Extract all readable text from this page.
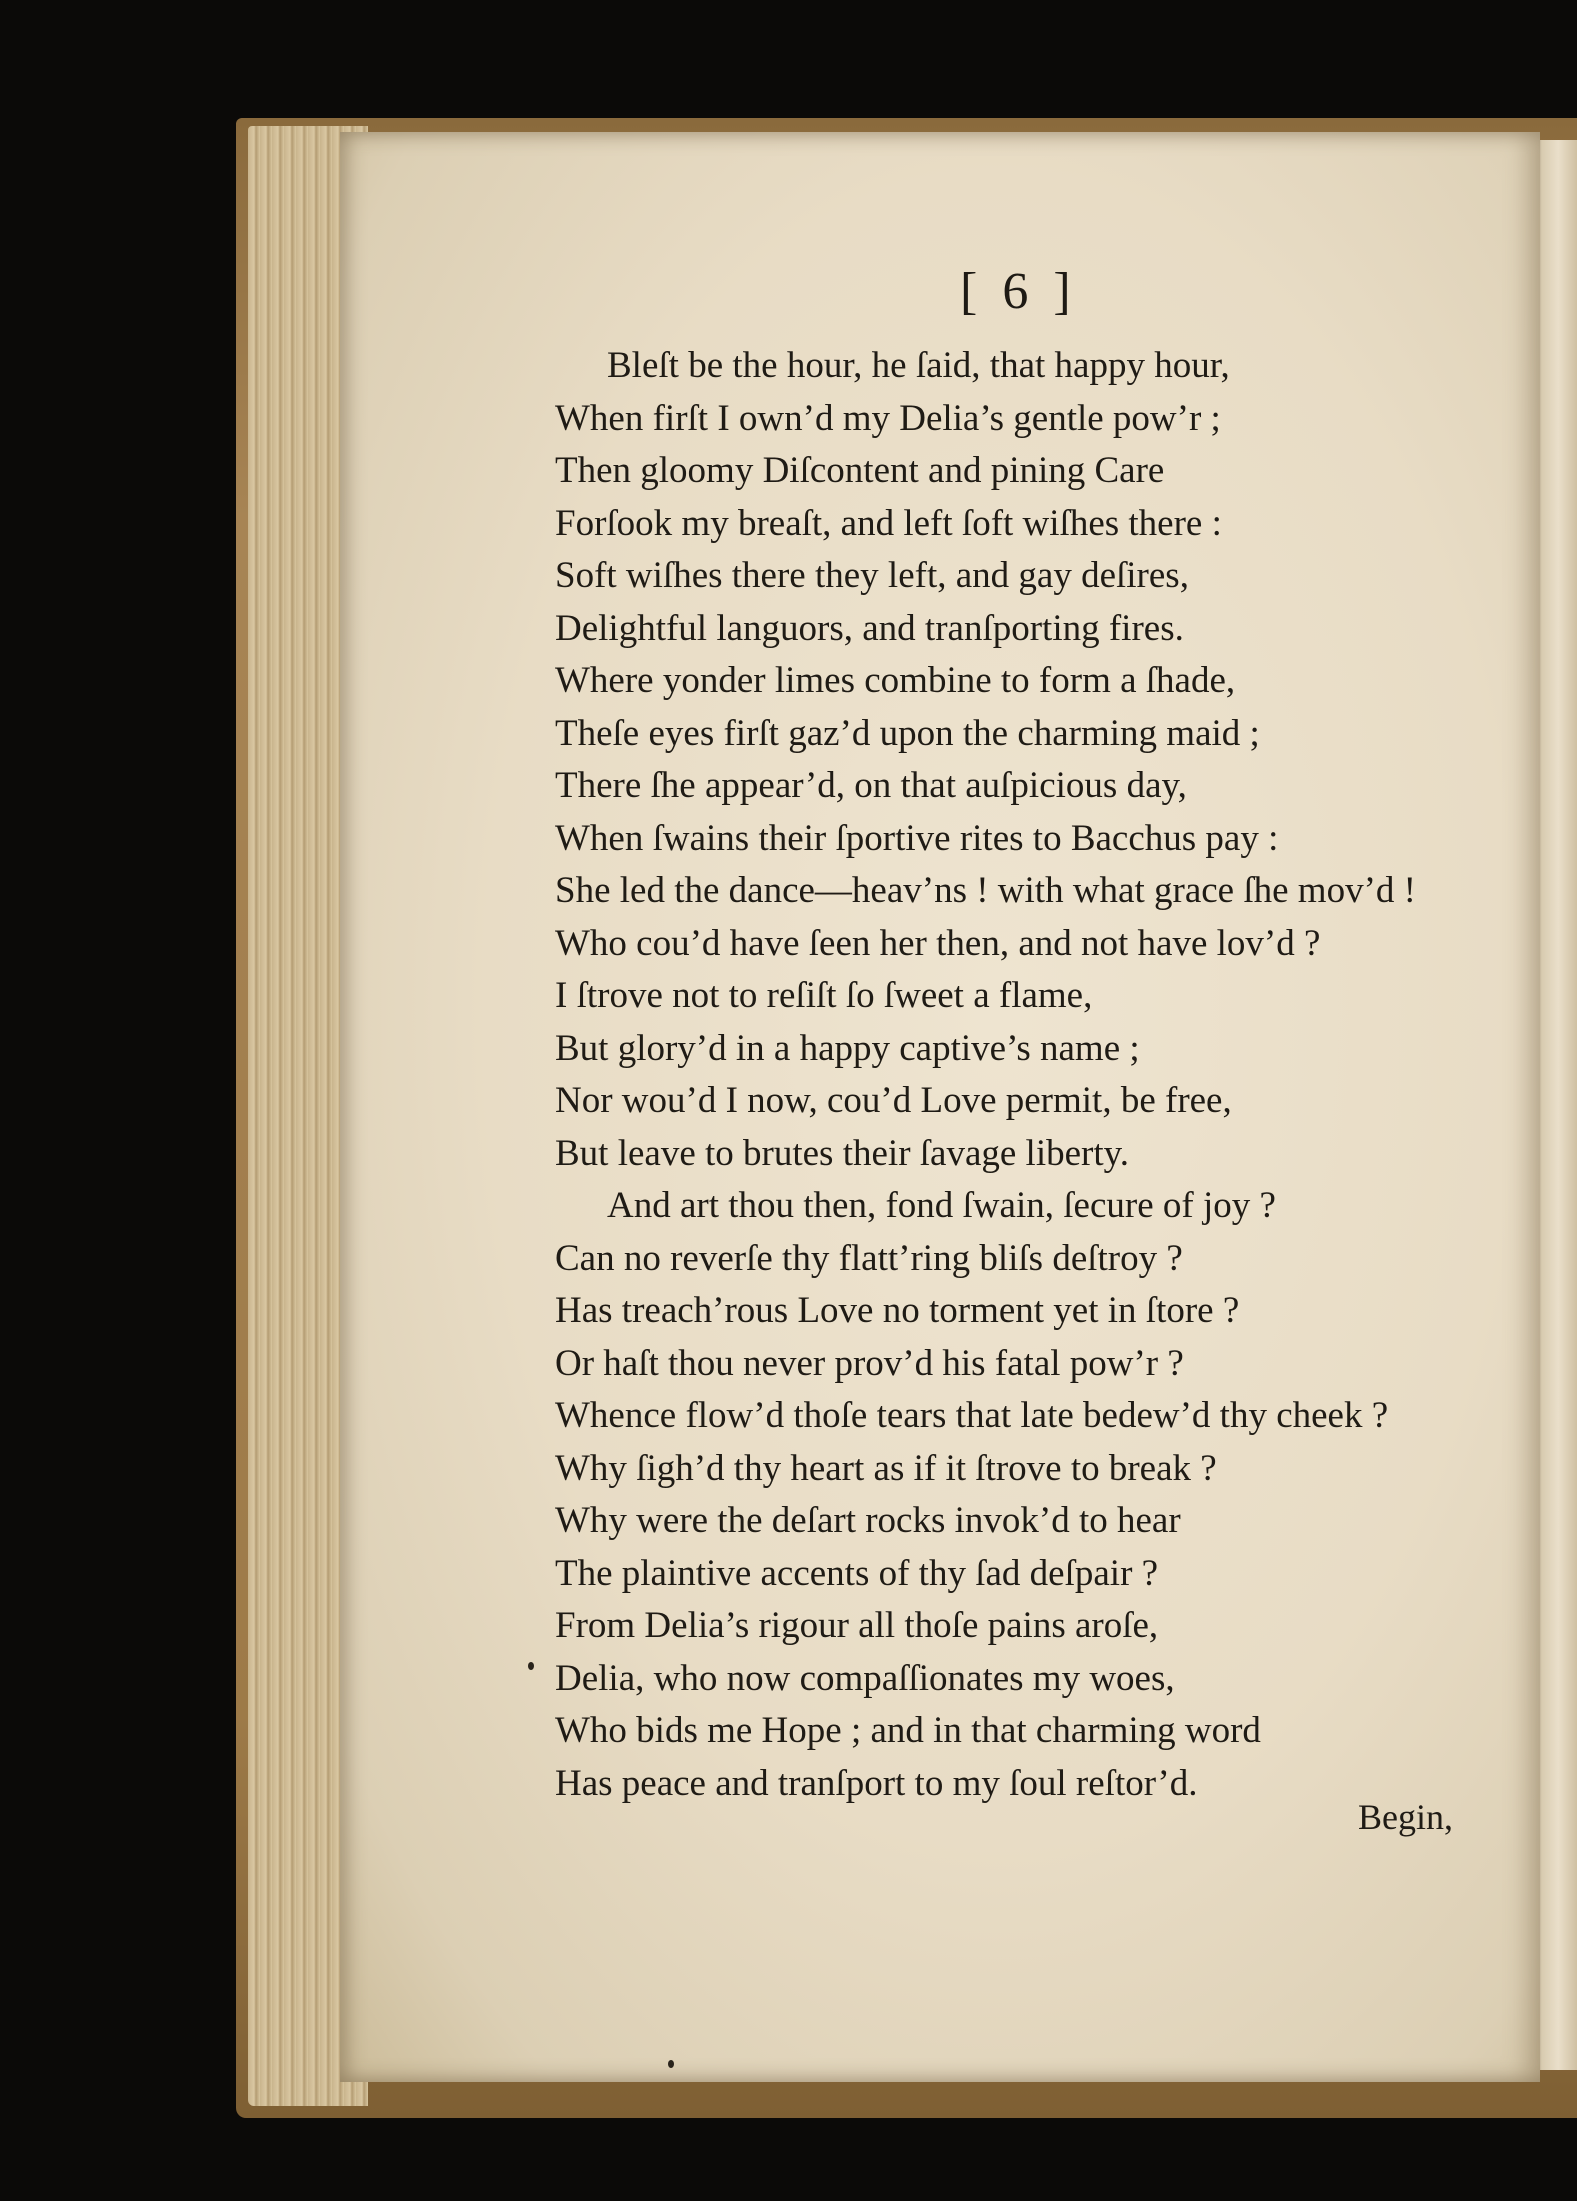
[ 6 ]
Bleſt be the hour, he ſaid, that happy hour,
When firſt I own’d my Delia’s gentle pow’r ;
Then gloomy Diſcontent and pining Care
Forſook my breaſt, and left ſoft wiſhes there :
Soft wiſhes there they left, and gay deſires,
Delightful languors, and tranſporting fires.
Where yonder limes combine to form a ſhade,
Theſe eyes firſt gaz’d upon the charming maid ;
There ſhe appear’d, on that auſpicious day,
When ſwains their ſportive rites to Bacchus pay :
She led the dance—heav’ns ! with what grace ſhe mov’d !
Who cou’d have ſeen her then, and not have lov’d ?
I ſtrove not to reſiſt ſo ſweet a flame,
But glory’d in a happy captive’s name ;
Nor wou’d I now, cou’d Love permit, be free,
But leave to brutes their ſavage liberty.
And art thou then, fond ſwain, ſecure of joy ?
Can no reverſe thy flatt’ring bliſs deſtroy ?
Has treach’rous Love no torment yet in ſtore ?
Or haſt thou never prov’d his fatal pow’r ?
Whence flow’d thoſe tears that late bedew’d thy cheek ?
Why ſigh’d thy heart as if it ſtrove to break ?
Why were the deſart rocks invok’d to hear
The plaintive accents of thy ſad deſpair ?
From Delia’s rigour all thoſe pains aroſe,
Delia, who now compaſſionates my woes,
Who bids me Hope ; and in that charming word
Has peace and tranſport to my ſoul reſtor’d.
Begin,
